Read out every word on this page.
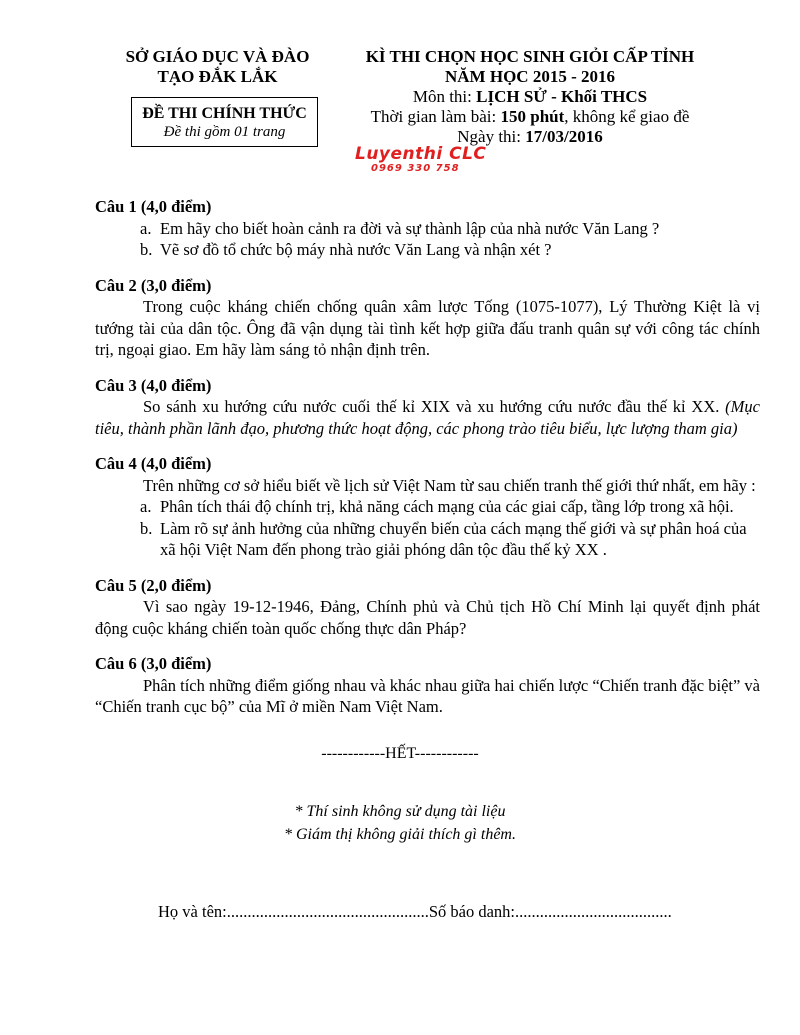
SỞ GIÁO DỤC VÀ ĐÀO
TẠO ĐẮK LẮK
ĐỀ THI CHÍNH THỨC
Đề thi gồm 01 trang
KÌ THI CHỌN HỌC SINH GIỎI CẤP TỈNH
NĂM HỌC 2015 - 2016
Môn thi: LỊCH SỬ - Khối THCS
Thời gian làm bài: 150 phút, không kể giao đề
Ngày thi: 17/03/2016
Luyenthi CLC
0969 330 758

Câu 1 (4,0 điểm)

a. Em hãy cho biết hoàn cảnh ra đời và sự thành lập của nhà nước Văn Lang ?

b. Vẽ sơ đồ tổ chức bộ máy nhà nước Văn Lang và nhận xét ?

Câu 2 (3,0 điểm)

Trong cuộc kháng chiến chống quân xâm lược Tống (1075-1077), Lý Thường Kiệt là vị tướng tài của dân tộc. Ông đã vận dụng tài tình kết hợp giữa đấu tranh quân sự với công tác chính trị, ngoại giao. Em hãy làm sáng tỏ nhận định trên.

Câu 3 (4,0 điểm)

So sánh xu hướng cứu nước cuối thế kỉ XIX và xu hướng cứu nước đầu thế kỉ XX. (Mục tiêu, thành phần lãnh đạo, phương thức hoạt động, các phong trào tiêu biểu, lực lượng tham gia)

Câu 4 (4,0 điểm)

Trên những cơ sở hiểu biết về lịch sử Việt Nam từ sau chiến tranh thế giới thứ nhất, em hãy :

a. Phân tích thái độ chính trị, khả năng cách mạng của các giai cấp, tầng lớp trong xã hội.

b. Làm rõ sự ảnh hưởng của những chuyển biến của cách mạng thế giới và sự phân hoá của xã hội Việt Nam đến phong trào giải phóng dân tộc đầu thế kỷ XX .

Câu 5 (2,0 điểm)

Vì sao ngày 19-12-1946, Đảng, Chính phủ và Chủ tịch Hồ Chí Minh lại quyết định phát động cuộc kháng chiến toàn quốc chống thực dân Pháp?

Câu 6 (3,0 điểm)

Phân tích những điểm giống nhau và khác nhau giữa hai chiến lược “Chiến tranh đặc biệt” và “Chiến tranh cục bộ” của Mĩ ở miền Nam Việt Nam.

------------HẾT------------
* Thí sinh không sử dụng tài liệu
* Giám thị không giải thích gì thêm.
Họ và tên:.................................................Số báo danh:......................................
